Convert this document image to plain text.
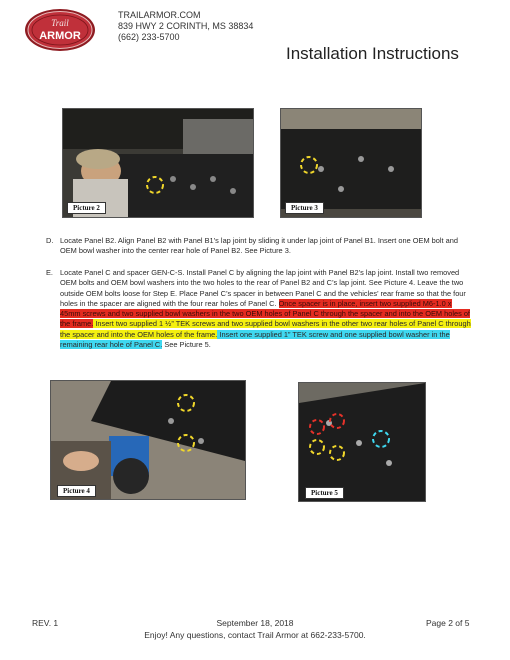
Trail
ARMOR
TRAILARMOR.COM
839 HWY 2 CORINTH, MS 38834
(662) 233-5700
Installation Instructions
Picture 2	Picture 3
D. Locate Panel B2. Align Panel B2 with Panel B1’s lap joint by sliding it under lap joint of Panel B1. Insert one OEM bolt and OEM bowl washer into the center rear hole of Panel B2. See Picture 3.
E. Locate Panel C and spacer GEN-C-S. Install Panel C by aligning the lap joint with Panel B2’s lap joint. Install two removed OEM bolts and OEM bowl washers into the two holes to the rear of Panel B2 and C’s lap joint. See Picture 4. Leave the two outside OEM bolts loose for Step E. Place Panel C’s spacer in between Panel C and the vehicles’ rear frame so that the four holes in the spacer are aligned with the four rear holes of Panel C. Once spacer is in place, insert two supplied M6-1.0 x 45mm screws and two supplied bowl washers in the two OEM holes of Panel C through the spacer and into the OEM holes of the frame. Insert two supplied 1 ½” TEK screws and two supplied bowl washers in the other two rear holes of Panel C through the spacer and into the OEM holes of the frame. Insert one supplied 1” TEK screw and one supplied bowl washer in the remaining rear hole of Panel C. See Picture 5.
Picture 4	Picture 5
REV. 1	September 18, 2018
Enjoy! Any questions, contact Trail Armor at 662-233-5700.
Page 2 of 5
